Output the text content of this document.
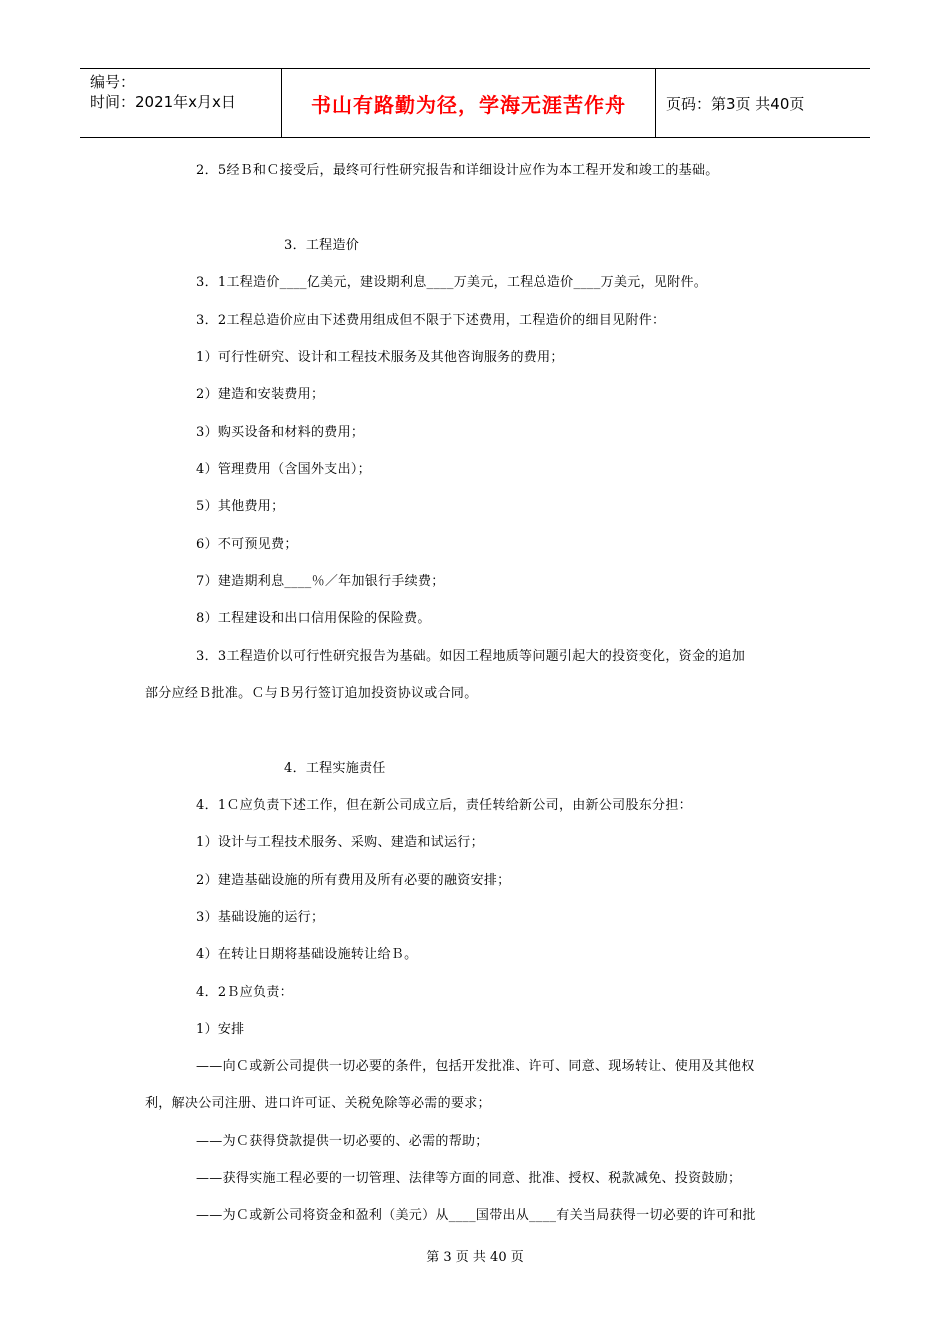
编号：
时间：2021年x月x日	书山有路勤为径，学海无涯苦作舟	页码：第3页 共40页
2．5经Ｂ和Ｃ接受后，最终可行性研究报告和详细设计应作为本工程开发和竣工的基础。
3．工程造价
3．1工程造价____亿美元，建设期利息____万美元，工程总造价____万美元，见附件。
3．2工程总造价应由下述费用组成但不限于下述费用，工程造价的细目见附件：
1）可行性研究、设计和工程技术服务及其他咨询服务的费用；
2）建造和安装费用；
3）购买设备和材料的费用；
4）管理费用（含国外支出）；
5）其他费用；
6）不可预见费；
7）建造期利息____％／年加银行手续费；
8）工程建设和出口信用保险的保险费。
3．3工程造价以可行性研究报告为基础。如因工程地质等问题引起大的投资变化，资金的追加
部分应经Ｂ批准。Ｃ与Ｂ另行签订追加投资协议或合同。
4．工程实施责任
4．1Ｃ应负责下述工作，但在新公司成立后，责任转给新公司，由新公司股东分担：
1）设计与工程技术服务、采购、建造和试运行；
2）建造基础设施的所有费用及所有必要的融资安排；
3）基础设施的运行；
4）在转让日期将基础设施转让给Ｂ。
4．2Ｂ应负责：
1）安排
——向Ｃ或新公司提供一切必要的条件，包括开发批准、许可、同意、现场转让、使用及其他权
利，解决公司注册、进口许可证、关税免除等必需的要求；
——为Ｃ获得贷款提供一切必要的、必需的帮助；
——获得实施工程必要的一切管理、法律等方面的同意、批准、授权、税款减免、投资鼓励；
——为Ｃ或新公司将资金和盈利（美元）从____国带出从____有关当局获得一切必要的许可和批
第 3 页 共 40 页
